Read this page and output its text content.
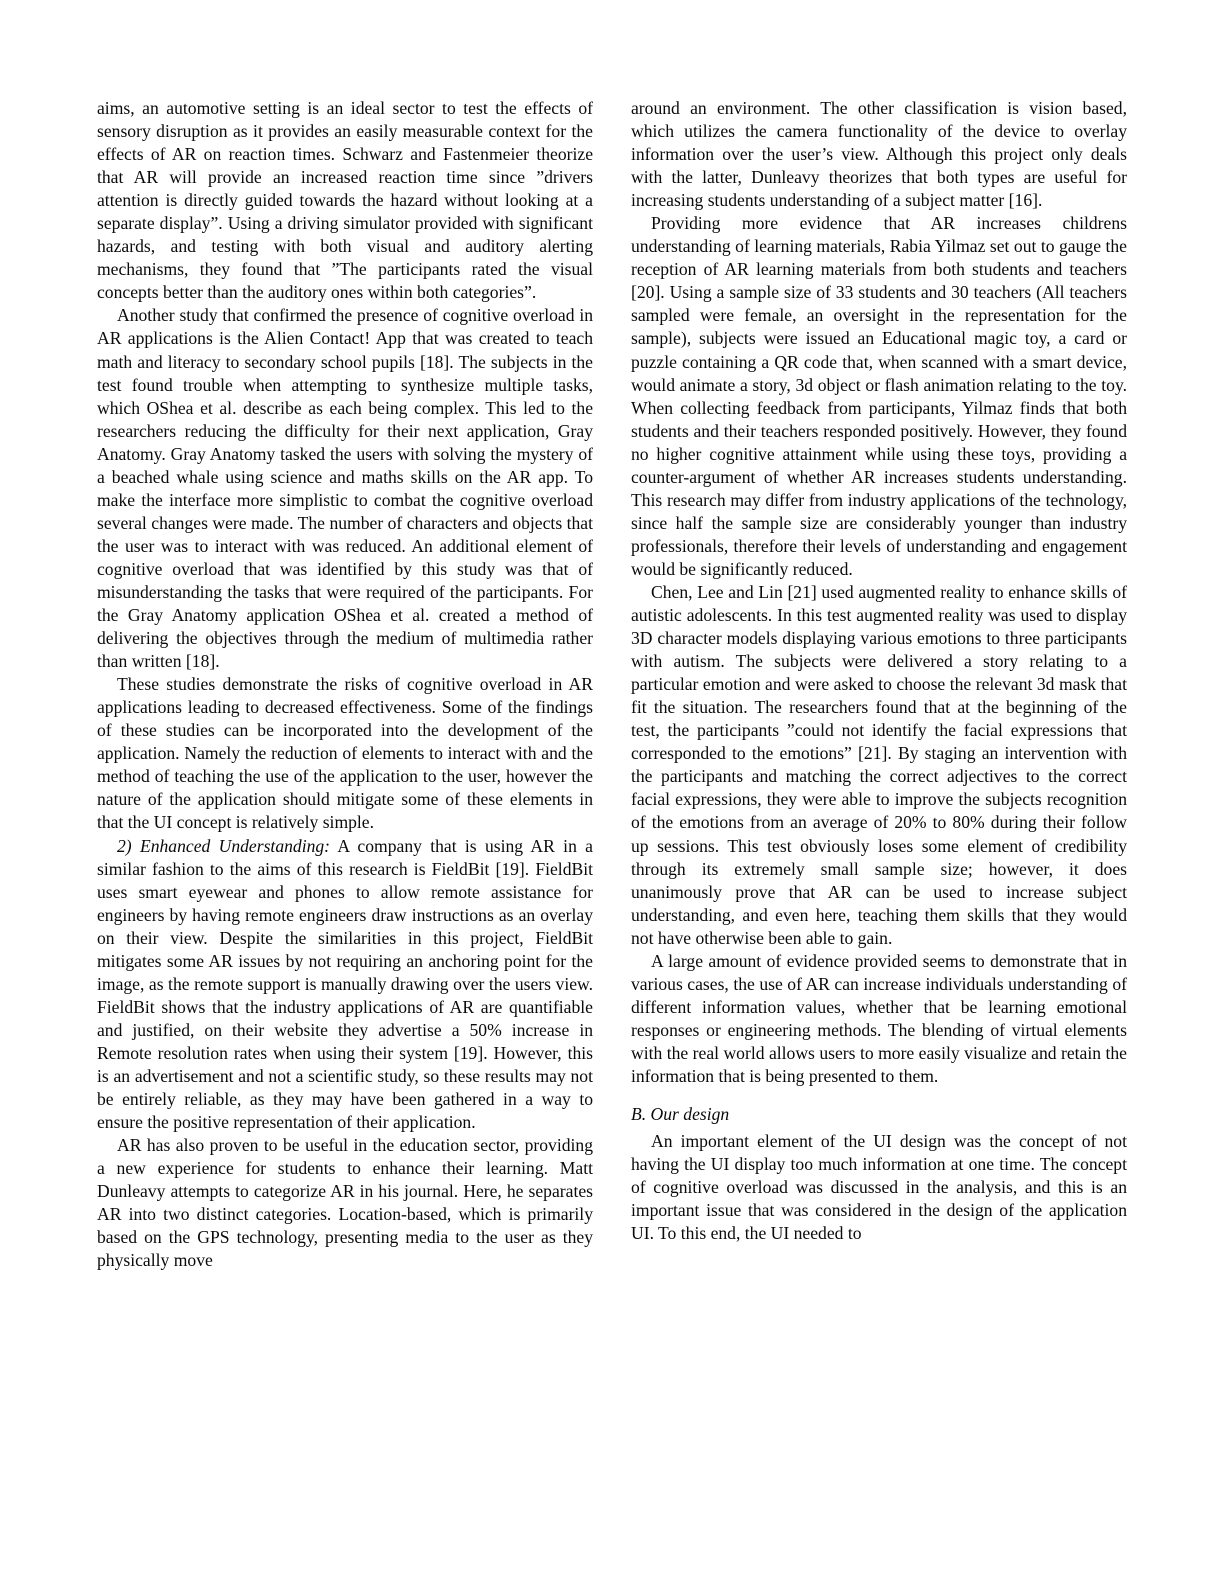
aims, an automotive setting is an ideal sector to test the effects of sensory disruption as it provides an easily measurable context for the effects of AR on reaction times. Schwarz and Fastenmeier theorize that AR will provide an increased reaction time since ”drivers attention is directly guided towards the hazard without looking at a separate display”. Using a driving simulator provided with significant hazards, and testing with both visual and auditory alerting mechanisms, they found that ”The participants rated the visual concepts better than the auditory ones within both categories”.

Another study that confirmed the presence of cognitive overload in AR applications is the Alien Contact! App that was created to teach math and literacy to secondary school pupils [18]. The subjects in the test found trouble when attempting to synthesize multiple tasks, which OShea et al. describe as each being complex. This led to the researchers reducing the difficulty for their next application, Gray Anatomy. Gray Anatomy tasked the users with solving the mystery of a beached whale using science and maths skills on the AR app. To make the interface more simplistic to combat the cognitive overload several changes were made. The number of characters and objects that the user was to interact with was reduced. An additional element of cognitive overload that was identified by this study was that of misunderstanding the tasks that were required of the participants. For the Gray Anatomy application OShea et al. created a method of delivering the objectives through the medium of multimedia rather than written [18].

These studies demonstrate the risks of cognitive overload in AR applications leading to decreased effectiveness. Some of the findings of these studies can be incorporated into the development of the application. Namely the reduction of elements to interact with and the method of teaching the use of the application to the user, however the nature of the application should mitigate some of these elements in that the UI concept is relatively simple.

2) Enhanced Understanding: A company that is using AR in a similar fashion to the aims of this research is FieldBit [19]. FieldBit uses smart eyewear and phones to allow remote assistance for engineers by having remote engineers draw instructions as an overlay on their view. Despite the similarities in this project, FieldBit mitigates some AR issues by not requiring an anchoring point for the image, as the remote support is manually drawing over the users view. FieldBit shows that the industry applications of AR are quantifiable and justified, on their website they advertise a 50% increase in Remote resolution rates when using their system [19]. However, this is an advertisement and not a scientific study, so these results may not be entirely reliable, as they may have been gathered in a way to ensure the positive representation of their application.

AR has also proven to be useful in the education sector, providing a new experience for students to enhance their learning. Matt Dunleavy attempts to categorize AR in his journal. Here, he separates AR into two distinct categories. Location-based, which is primarily based on the GPS technology, presenting media to the user as they physically move

around an environment. The other classification is vision based, which utilizes the camera functionality of the device to overlay information over the user’s view. Although this project only deals with the latter, Dunleavy theorizes that both types are useful for increasing students understanding of a subject matter [16].

Providing more evidence that AR increases childrens understanding of learning materials, Rabia Yilmaz set out to gauge the reception of AR learning materials from both students and teachers [20]. Using a sample size of 33 students and 30 teachers (All teachers sampled were female, an oversight in the representation for the sample), subjects were issued an Educational magic toy, a card or puzzle containing a QR code that, when scanned with a smart device, would animate a story, 3d object or flash animation relating to the toy. When collecting feedback from participants, Yilmaz finds that both students and their teachers responded positively. However, they found no higher cognitive attainment while using these toys, providing a counter-argument of whether AR increases students understanding. This research may differ from industry applications of the technology, since half the sample size are considerably younger than industry professionals, therefore their levels of understanding and engagement would be significantly reduced.

Chen, Lee and Lin [21] used augmented reality to enhance skills of autistic adolescents. In this test augmented reality was used to display 3D character models displaying various emotions to three participants with autism. The subjects were delivered a story relating to a particular emotion and were asked to choose the relevant 3d mask that fit the situation. The researchers found that at the beginning of the test, the participants ”could not identify the facial expressions that corresponded to the emotions” [21]. By staging an intervention with the participants and matching the correct adjectives to the correct facial expressions, they were able to improve the subjects recognition of the emotions from an average of 20% to 80% during their follow up sessions. This test obviously loses some element of credibility through its extremely small sample size; however, it does unanimously prove that AR can be used to increase subject understanding, and even here, teaching them skills that they would not have otherwise been able to gain.

A large amount of evidence provided seems to demonstrate that in various cases, the use of AR can increase individuals understanding of different information values, whether that be learning emotional responses or engineering methods. The blending of virtual elements with the real world allows users to more easily visualize and retain the information that is being presented to them.

B. Our design

An important element of the UI design was the concept of not having the UI display too much information at one time. The concept of cognitive overload was discussed in the analysis, and this is an important issue that was considered in the design of the application UI. To this end, the UI needed to
